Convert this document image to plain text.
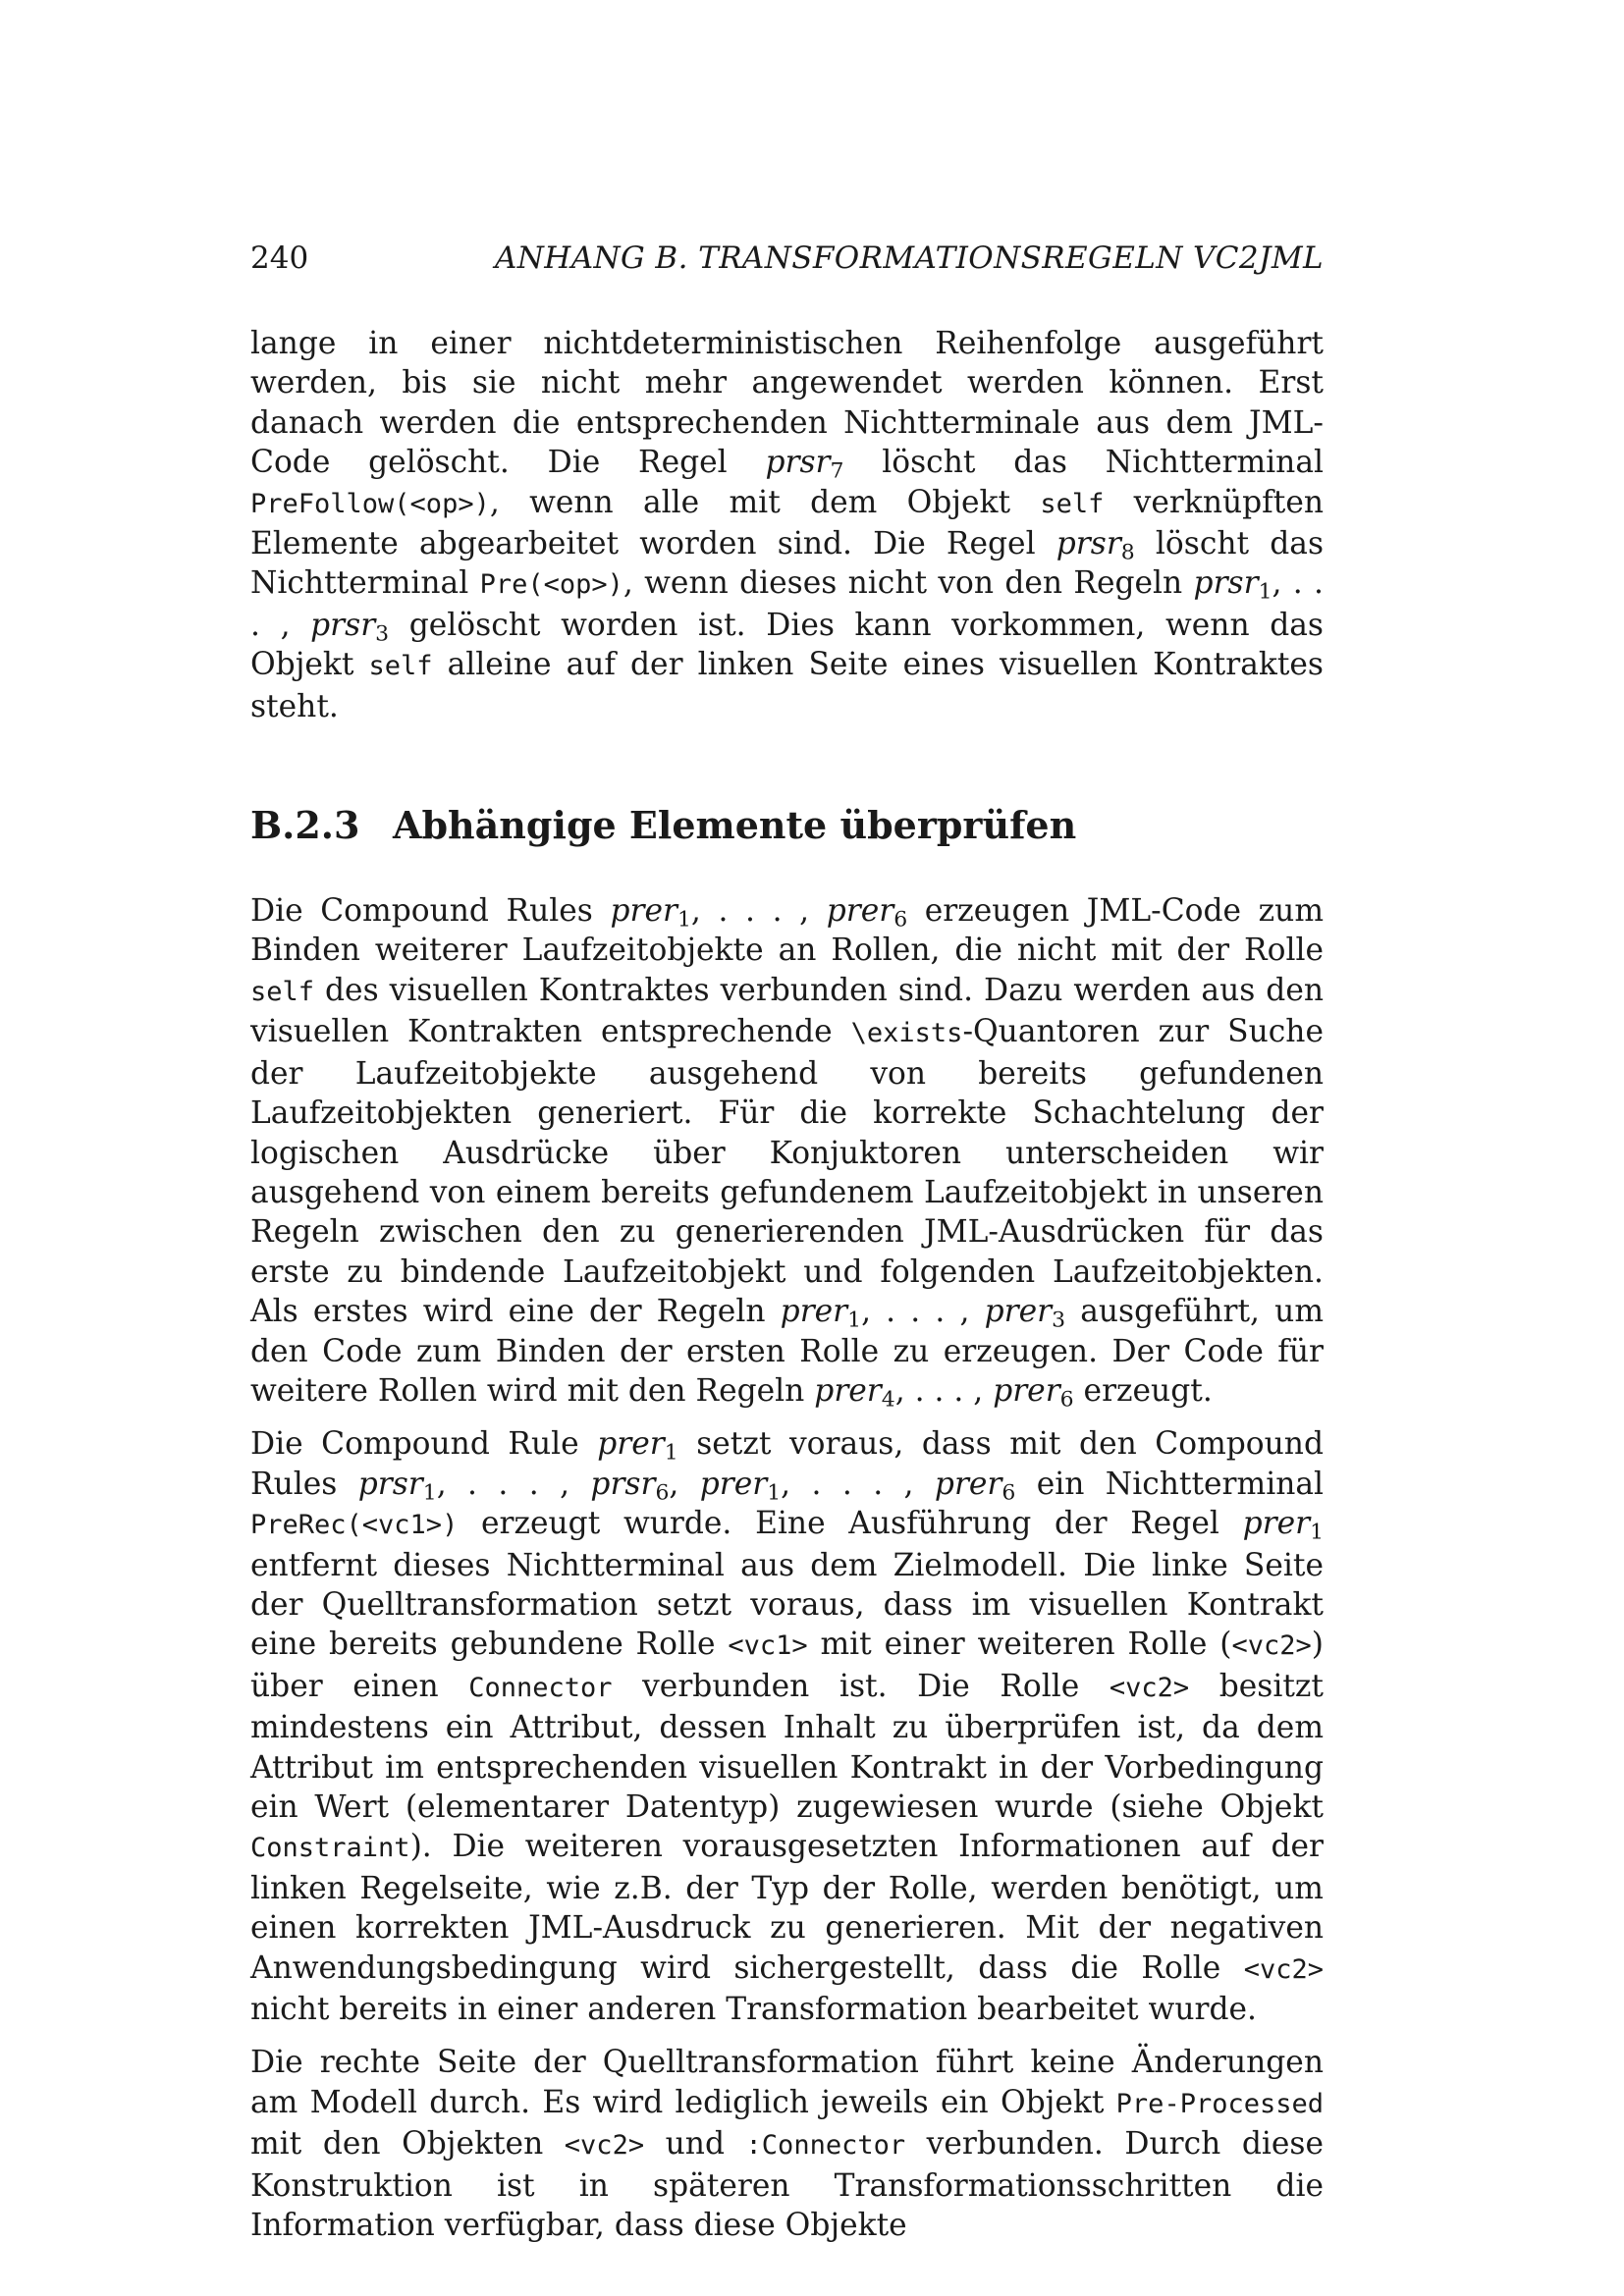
240	ANHANG B. TRANSFORMATIONSREGELN VC2JML

lange in einer nichtdeterministischen Reihenfolge ausgeführt werden, bis sie nicht mehr angewendet werden können. Erst danach werden die entsprechenden Nichtterminale aus dem JML-Code gelöscht. Die Regel prsr$_7$ löscht das Nichtterminal PreFollow(<op>), wenn alle mit dem Objekt self verknüpften Elemente abgearbeitet worden sind. Die Regel prsr$_8$ löscht das Nichtterminal Pre(<op>), wenn dieses nicht von den Regeln prsr$_1$, . . . , prsr$_3$ gelöscht worden ist. Dies kann vorkommen, wenn das Objekt self alleine auf der linken Seite eines visuellen Kontraktes steht.

B.2.3 Abhängige Elemente überprüfen

Die Compound Rules prer$_1$, . . . , prer$_6$ erzeugen JML-Code zum Binden weiterer Laufzeitobjekte an Rollen, die nicht mit der Rolle self des visuellen Kontraktes verbunden sind. Dazu werden aus den visuellen Kontrakten entsprechende \exists-Quantoren zur Suche der Laufzeitobjekte ausgehend von bereits gefundenen Laufzeitobjekten generiert. Für die korrekte Schachtelung der logischen Ausdrücke über Konjuktoren unterscheiden wir ausgehend von einem bereits gefundenem Laufzeitobjekt in unseren Regeln zwischen den zu generierenden JML-Ausdrücken für das erste zu bindende Laufzeitobjekt und folgenden Laufzeitobjekten. Als erstes wird eine der Regeln prer$_1$, . . . , prer$_3$ ausgeführt, um den Code zum Binden der ersten Rolle zu erzeugen. Der Code für weitere Rollen wird mit den Regeln prer$_4$, . . . , prer$_6$ erzeugt.

Die Compound Rule prer$_1$ setzt voraus, dass mit den Compound Rules prsr$_1$, . . . , prsr$_6$, prer$_1$, . . . , prer$_6$ ein Nichtterminal PreRec(<vc1>) erzeugt wurde. Eine Ausführung der Regel prer$_1$ entfernt dieses Nichtterminal aus dem Zielmodell. Die linke Seite der Quelltransformation setzt voraus, dass im visuellen Kontrakt eine bereits gebundene Rolle <vc1> mit einer weiteren Rolle (<vc2>) über einen Connector verbunden ist. Die Rolle <vc2> besitzt mindestens ein Attribut, dessen Inhalt zu überprüfen ist, da dem Attribut im entsprechenden visuellen Kontrakt in der Vorbedingung ein Wert (elementarer Datentyp) zugewiesen wurde (siehe Objekt Constraint). Die weiteren vorausgesetzten Informationen auf der linken Regelseite, wie z.B. der Typ der Rolle, werden benötigt, um einen korrekten JML-Ausdruck zu generieren. Mit der negativen Anwendungsbedingung wird sichergestellt, dass die Rolle <vc2> nicht bereits in einer anderen Transformation bearbeitet wurde.

Die rechte Seite der Quelltransformation führt keine Änderungen am Modell durch. Es wird lediglich jeweils ein Objekt Pre-Processed mit den Objekten <vc2> und :Connector verbunden. Durch diese Konstruktion ist in späteren Transformationsschritten die Information verfügbar, dass diese Objekte
